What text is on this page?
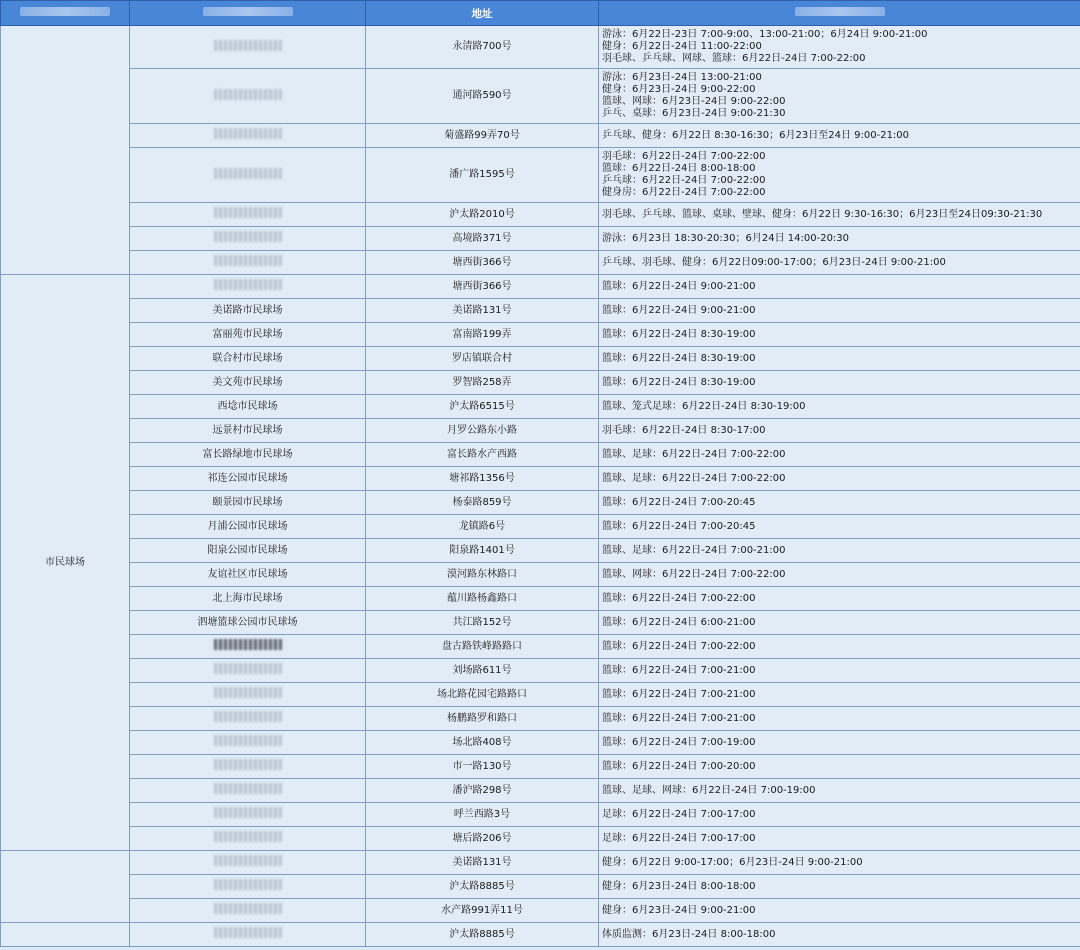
		地址	
		永清路700号	游泳：6月22日-23日 7:00-9:00、13:00-21:00；6月24日 9:00-21:00
健身：6月22日-24日 11:00-22:00
羽毛球、乒乓球、网球、篮球：6月22日-24日 7:00-22:00

		通河路590号	游泳：6月23日-24日 13:00-21:00
健身：6月23日-24日 9:00-22:00
篮球、网球：6月23日-24日 9:00-22:00
乒乓、桌球：6月23日-24日 9:00-21:30

		菊盛路99弄70号	乒乓球、健身：6月22日 8:30-16:30；6月23日至24日 9:00-21:00

		潘广路1595号	羽毛球：6月22日-24日 7:00-22:00
篮球：6月22日-24日 8:00-18:00
乒乓球：6月22日-24日 7:00-22:00
健身房：6月22日-24日 7:00-22:00

		沪太路2010号	羽毛球、乒乓球、篮球、桌球、壁球、健身：6月22日 9:30-16:30；6月23日至24日09:30-21:30

		高境路371号	游泳：6月23日 18:30-20:30；6月24日 14:00-20:30

		塘西街366号	乒乓球、羽毛球、健身：6月22日09:00-17:00；6月23日-24日 9:00-21:00

市民球场		塘西街366号	篮球：6月22日-24日 9:00-21:00

	美诺路市民球场	美诺路131号	篮球：6月22日-24日 9:00-21:00

	富丽苑市民球场	富南路199弄	篮球：6月22日-24日 8:30-19:00

	联合村市民球场	罗店镇联合村	篮球：6月22日-24日 8:30-19:00

	美文苑市民球场	罗智路258弄	篮球：6月22日-24日 8:30-19:00

	西埝市民球场	沪太路6515号	篮球、笼式足球：6月22日-24日 8:30-19:00

	远景村市民球场	月罗公路东小路	羽毛球：6月22日-24日 8:30-17:00

	富长路绿地市民球场	富长路水产西路	篮球、足球：6月22日-24日 7:00-22:00

	祁连公园市民球场	塘祁路1356号	篮球、足球：6月22日-24日 7:00-22:00

	颐景园市民球场	杨泰路859号	篮球：6月22日-24日 7:00-20:45

	月浦公园市民球场	龙镇路6号	篮球：6月22日-24日 7:00-20:45

	阳泉公园市民球场	阳泉路1401号	篮球、足球：6月22日-24日 7:00-21:00

	友谊社区市民球场	漠河路东林路口	篮球、网球：6月22日-24日 7:00-22:00

	北上海市民球场	蕴川路杨鑫路口	篮球：6月22日-24日 7:00-22:00

	泗塘篮球公园市民球场	共江路152号	篮球：6月22日-24日 6:00-21:00

		盘古路铁峰路路口	篮球：6月22日-24日 7:00-22:00

		刘场路611号	篮球：6月22日-24日 7:00-21:00

		场北路花园宅路路口	篮球：6月22日-24日 7:00-21:00

		杨鹏路罗和路口	篮球：6月22日-24日 7:00-21:00

		场北路408号	篮球：6月22日-24日 7:00-19:00

		市一路130号	篮球：6月22日-24日 7:00-20:00

		潘沪路298号	篮球、足球、网球：6月22日-24日 7:00-19:00

		呼兰西路3号	足球：6月22日-24日 7:00-17:00

		塘后路206号	足球：6月22日-24日 7:00-17:00

		美诺路131号	健身：6月22日 9:00-17:00；6月23日-24日 9:00-21:00

		沪太路8885号	健身：6月23日-24日 8:00-18:00

		水产路991弄11号	健身：6月23日-24日 9:00-21:00

		沪太路8885号	体质监测：6月23日-24日 8:00-18:00
